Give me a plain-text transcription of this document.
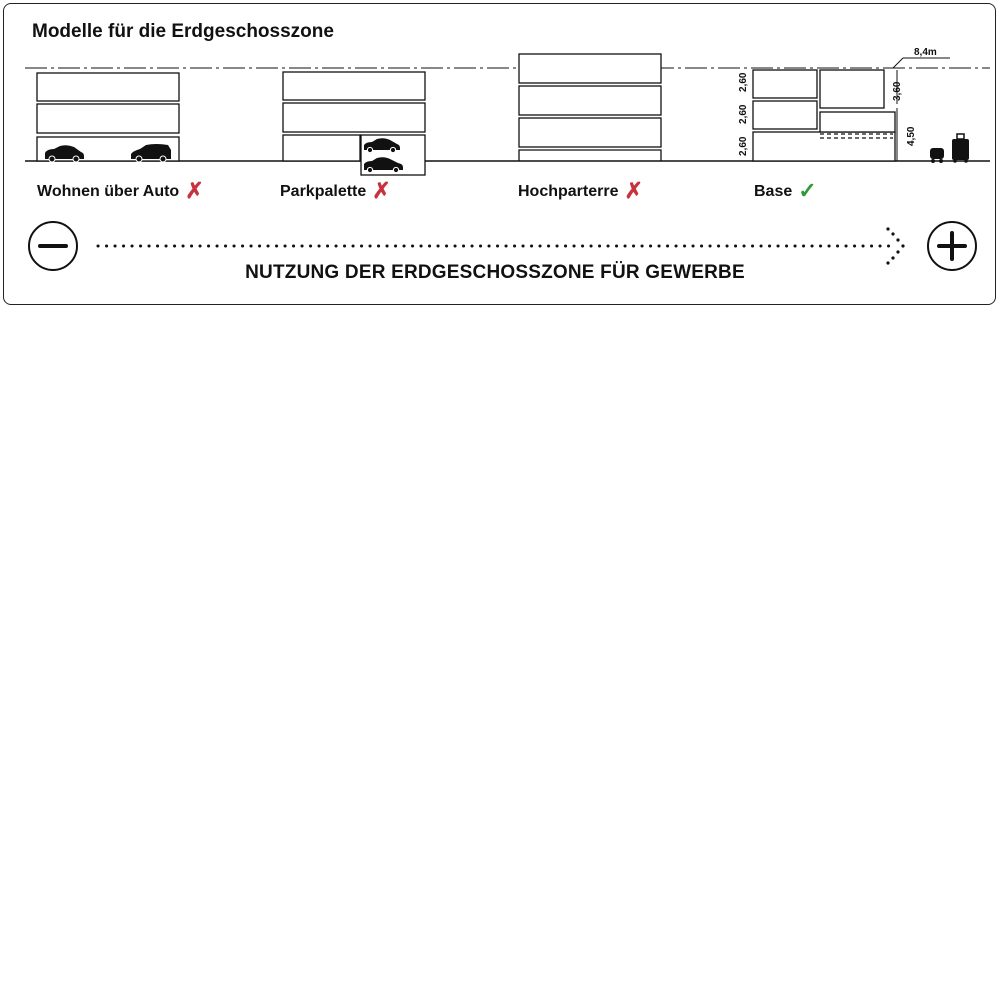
Modelle für die Erdgeschosszone
8,4m
2,60
2,60
2,60
3,60
4,50
Wohnen über Auto ✗	Parkpalette ✗	Hochparterre ✗	Base ✓
NUTZUNG DER ERDGESCHOSSZONE FÜR GEWERBE
